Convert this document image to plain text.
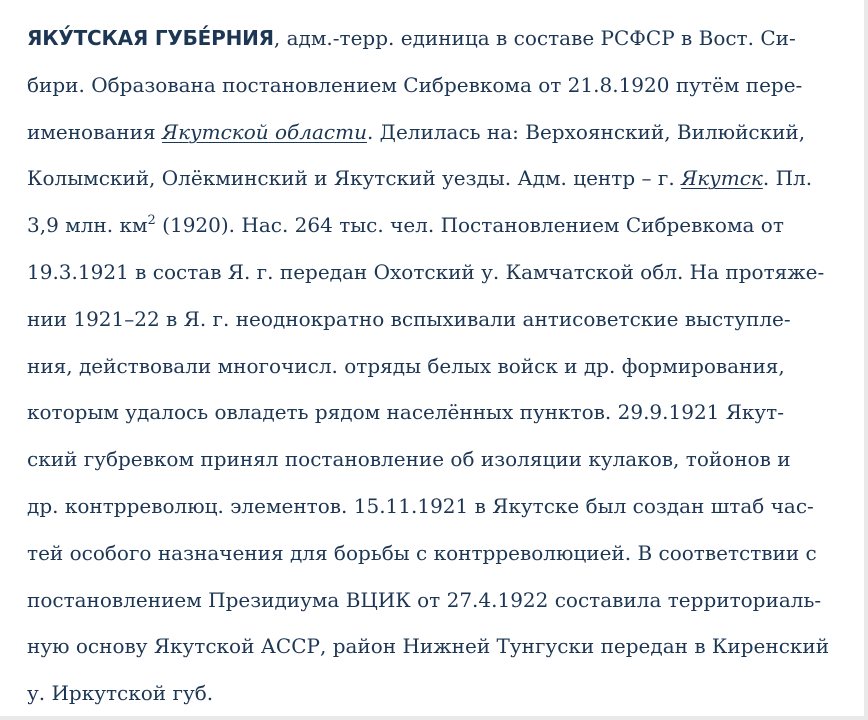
ЯКУ́ТСКАЯ ГУБЕ́РНИЯ, адм.-терр. единица в составе РСФСР в Вост. Си-
бири. Образована постановлением Сибревкома от 21.8.1920 путём пере-
именования Якутской области. Делилась на: Верхоянский, Вилюйский,
Колымский, Олёкминский и Якутский уезды. Адм. центр – г. Якутск. Пл.
3,9 млн. $км^2$ (1920). Нас. 264 тыс. чел. Постановлением Сибревкома от
19.3.1921 в состав Я. г. передан Охотский у. Камчатской обл. На протяже-
нии 1921–22 в Я. г. неоднократно вспыхивали антисоветские выступле-
ния, действовали многочисл. отряды белых войск и др. формирования,
которым удалось овладеть рядом населённых пунктов. 29.9.1921 Якут-
ский губревком принял постановление об изоляции кулаков, тойонов и
др. контрреволюц. элементов. 15.11.1921 в Якутске был создан штаб час-
тей особого назначения для борьбы с контрреволюцией. В соответствии с
постановлением Президиума ВЦИК от 27.4.1922 составила территориаль-
ную основу Якутской АССР, район Нижней Тунгуски передан в Киренский
у. Иркутской губ.
